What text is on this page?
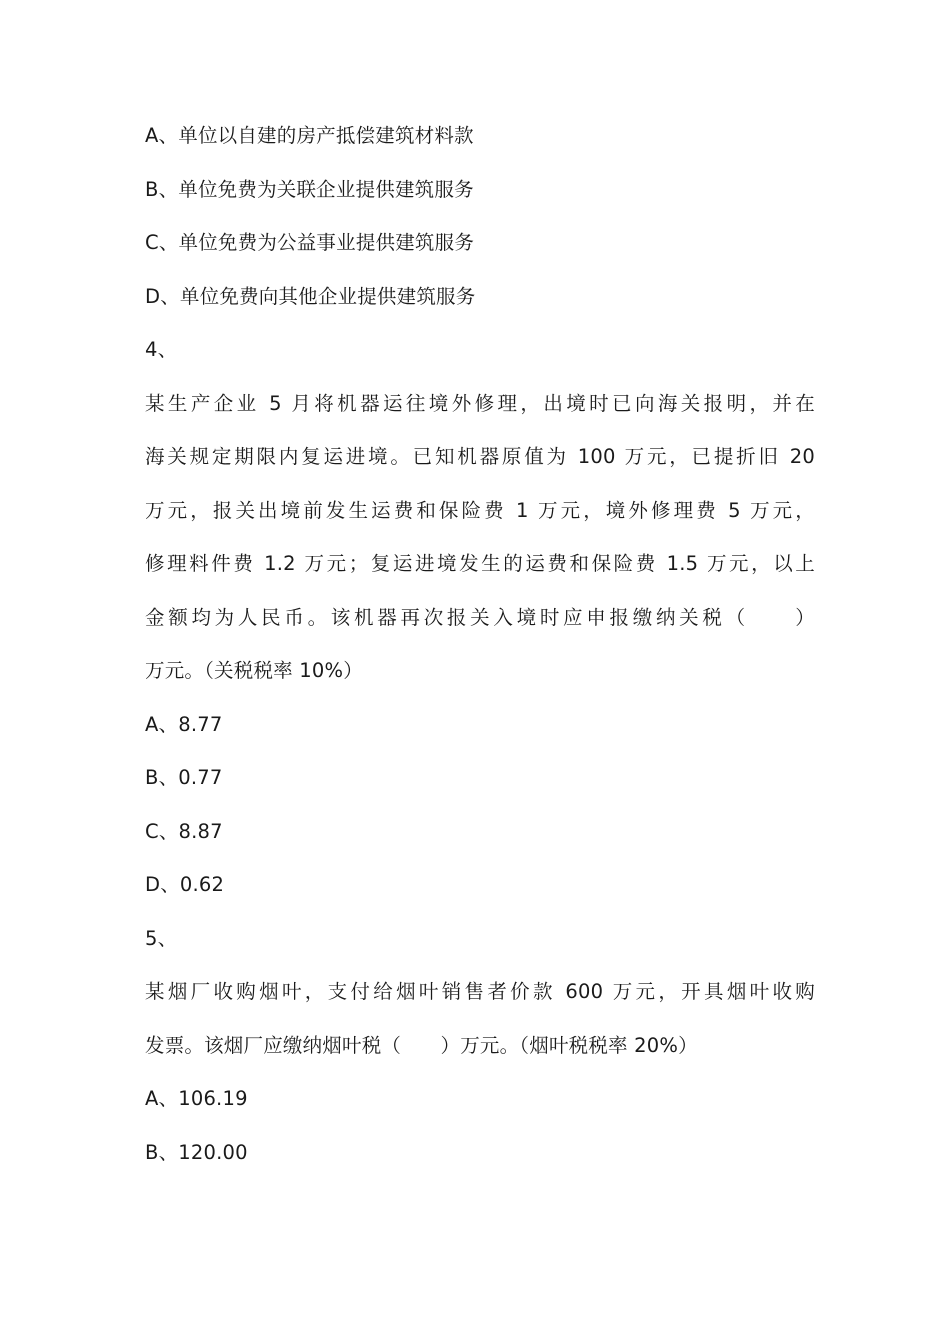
A、单位以自建的房产抵偿建筑材料款
B、单位免费为关联企业提供建筑服务
C、单位免费为公益事业提供建筑服务
D、单位免费向其他企业提供建筑服务
4、
某生产企业 5 月将机器运往境外修理，出境时已向海关报明，并在
海关规定期限内复运进境。已知机器原值为 100 万元，已提折旧 20
万元，报关出境前发生运费和保险费 1 万元，境外修理费 5 万元，
修理料件费 1.2 万元；复运进境发生的运费和保险费 1.5 万元，以上
金额均为人民币。该机器再次报关入境时应申报缴纳关税（　　）
万元。（关税税率 10%）
A、8.77
B、0.77
C、8.87
D、0.62
5、
某烟厂收购烟叶，支付给烟叶销售者价款 600 万元，开具烟叶收购
发票。该烟厂应缴纳烟叶税（　　）万元。（烟叶税税率 20%）
A、106.19
B、120.00
